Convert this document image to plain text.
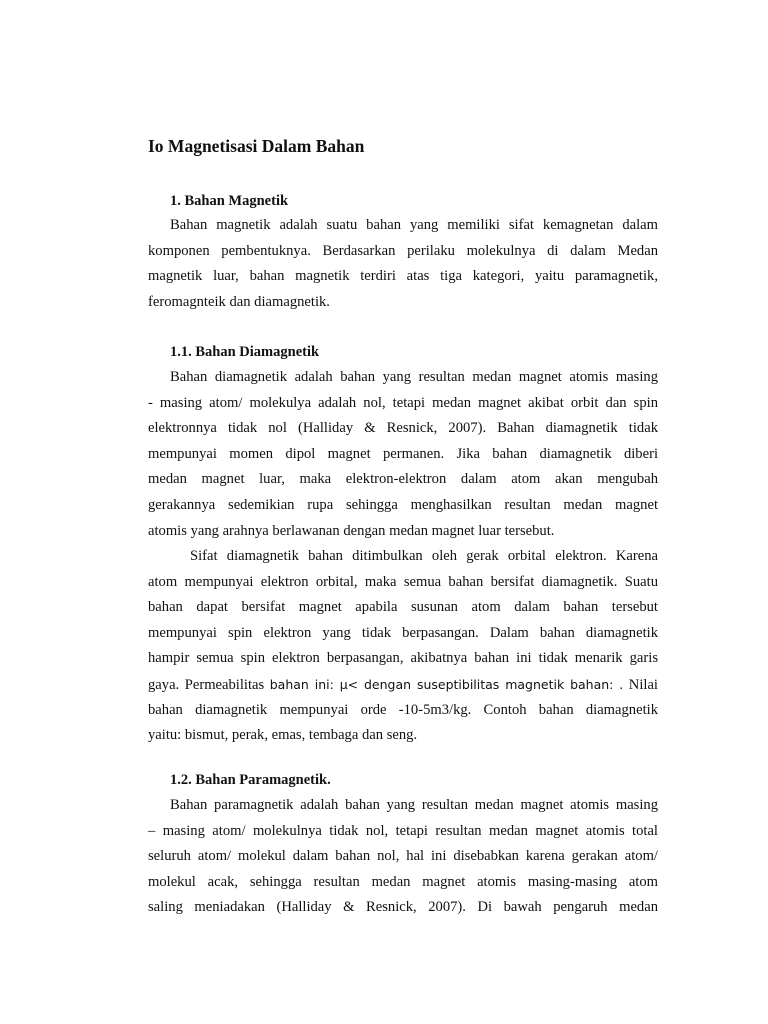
Io Magnetisasi Dalam Bahan
1. Bahan Magnetik
Bahan magnetik adalah suatu bahan yang memiliki sifat kemagnetan dalam
komponen pembentuknya. Berdasarkan perilaku molekulnya di dalam Medan
magnetik luar, bahan magnetik terdiri atas tiga kategori, yaitu paramagnetik,
feromagnteik dan diamagnetik.
1.1. Bahan Diamagnetik
Bahan diamagnetik adalah bahan yang resultan medan magnet atomis masing
- masing atom/ molekulya adalah nol, tetapi medan magnet akibat orbit dan spin
elektronnya tidak nol (Halliday & Resnick, 2007). Bahan diamagnetik tidak
mempunyai momen dipol magnet permanen. Jika bahan diamagnetik diberi
medan magnet luar, maka elektron-elektron dalam atom akan mengubah
gerakannya sedemikian rupa sehingga menghasilkan resultan medan magnet
atomis yang arahnya berlawanan dengan medan magnet luar tersebut.
Sifat diamagnetik bahan ditimbulkan oleh gerak orbital elektron. Karena
atom mempunyai elektron orbital, maka semua bahan bersifat diamagnetik. Suatu
bahan dapat bersifat magnet apabila susunan atom dalam bahan tersebut
mempunyai spin elektron yang tidak berpasangan. Dalam bahan diamagnetik
hampir semua spin elektron berpasangan, akibatnya bahan ini tidak menarik garis
gaya. Permeabilitas bahan ini: µ< dengan suseptibilitas magnetik bahan: . Nilai
bahan diamagnetik mempunyai orde -10-5m3/kg. Contoh bahan diamagnetik
yaitu: bismut, perak, emas, tembaga dan seng.
1.2. Bahan Paramagnetik.
Bahan paramagnetik adalah bahan yang resultan medan magnet atomis masing
– masing atom/ molekulnya tidak nol, tetapi resultan medan magnet atomis total
seluruh atom/ molekul dalam bahan nol, hal ini disebabkan karena gerakan atom/
molekul acak, sehingga resultan medan magnet atomis masing-masing atom
saling meniadakan (Halliday & Resnick, 2007). Di bawah pengaruh medan
